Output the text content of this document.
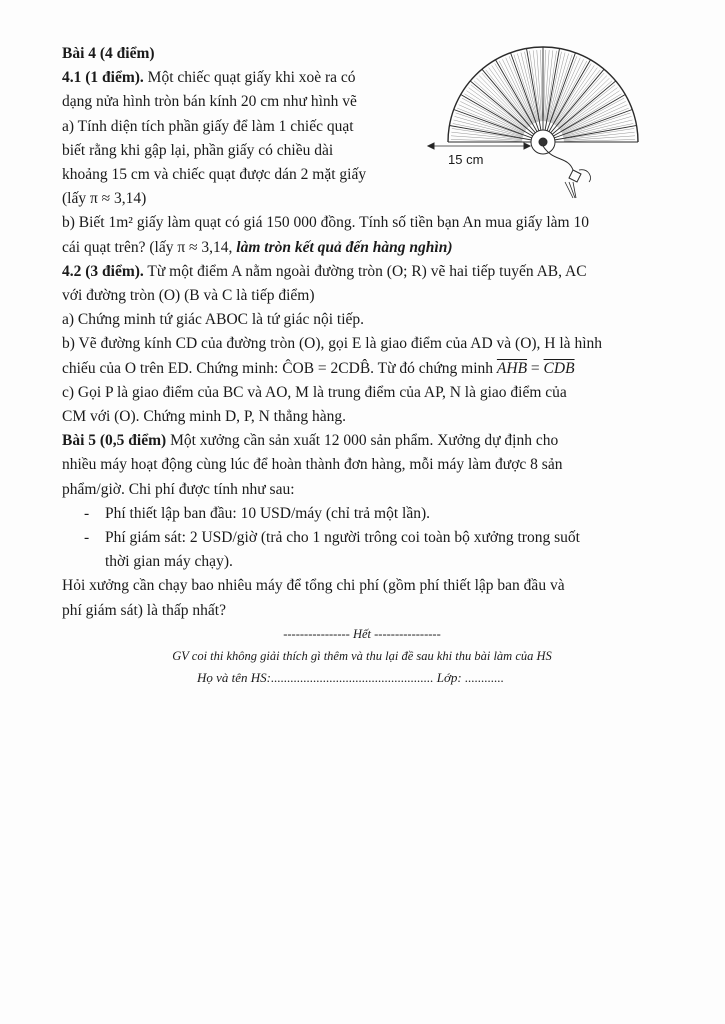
15 cm
Bài 4 (4 điểm)
4.1 (1 điểm). Một chiếc quạt giấy khi xoè ra có
dạng nửa hình tròn bán kính 20 cm như hình vẽ
a) Tính diện tích phần giấy để làm 1 chiếc quạt
biết rằng khi gập lại, phần giấy có chiều dài
khoảng 15 cm và chiếc quạt được dán 2 mặt giấy
(lấy π ≈ 3,14)
b) Biết 1m² giấy làm quạt có giá 150 000 đồng. Tính số tiền bạn An mua giấy làm 10
cái quạt trên? (lấy π ≈ 3,14, làm tròn kết quả đến hàng nghìn)
4.2 (3 điểm). Từ một điểm A nằm ngoài đường tròn (O; R) vẽ hai tiếp tuyến AB, AC
với đường tròn (O) (B và C là tiếp điểm)
a) Chứng minh tứ giác ABOC là tứ giác nội tiếp.
b) Vẽ đường kính CD của đường tròn (O), gọi E là giao điểm của AD và (O), H là hình
chiếu của O trên ED. Chứng minh: ĈOB = 2CDB̂. Từ đó chứng minh $\overline{AHB} = \overline{CDB}$
c) Gọi P là giao điểm của BC và AO, M là trung điểm của AP, N là giao điểm của
CM với (O). Chứng minh D, P, N thẳng hàng.
Bài 5 (0,5 điểm) Một xưởng cần sản xuất 12 000 sản phẩm. Xưởng dự định cho
nhiều máy hoạt động cùng lúc để hoàn thành đơn hàng, mỗi máy làm được 8 sản
phẩm/giờ. Chi phí được tính như sau:
-	Phí thiết lập ban đầu: 10 USD/máy (chỉ trả một lần).
-	Phí giám sát: 2 USD/giờ (trả cho 1 người trông coi toàn bộ xưởng trong suốt
thời gian máy chạy).
Hỏi xưởng cần chạy bao nhiêu máy để tổng chi phí (gồm phí thiết lập ban đầu và
phí giám sát) là thấp nhất?
---------------- Hết ----------------
GV coi thi không giải thích gì thêm và thu lại đề sau khi thu bài làm của HS
Họ và tên HS:.................................................. Lớp: ............
